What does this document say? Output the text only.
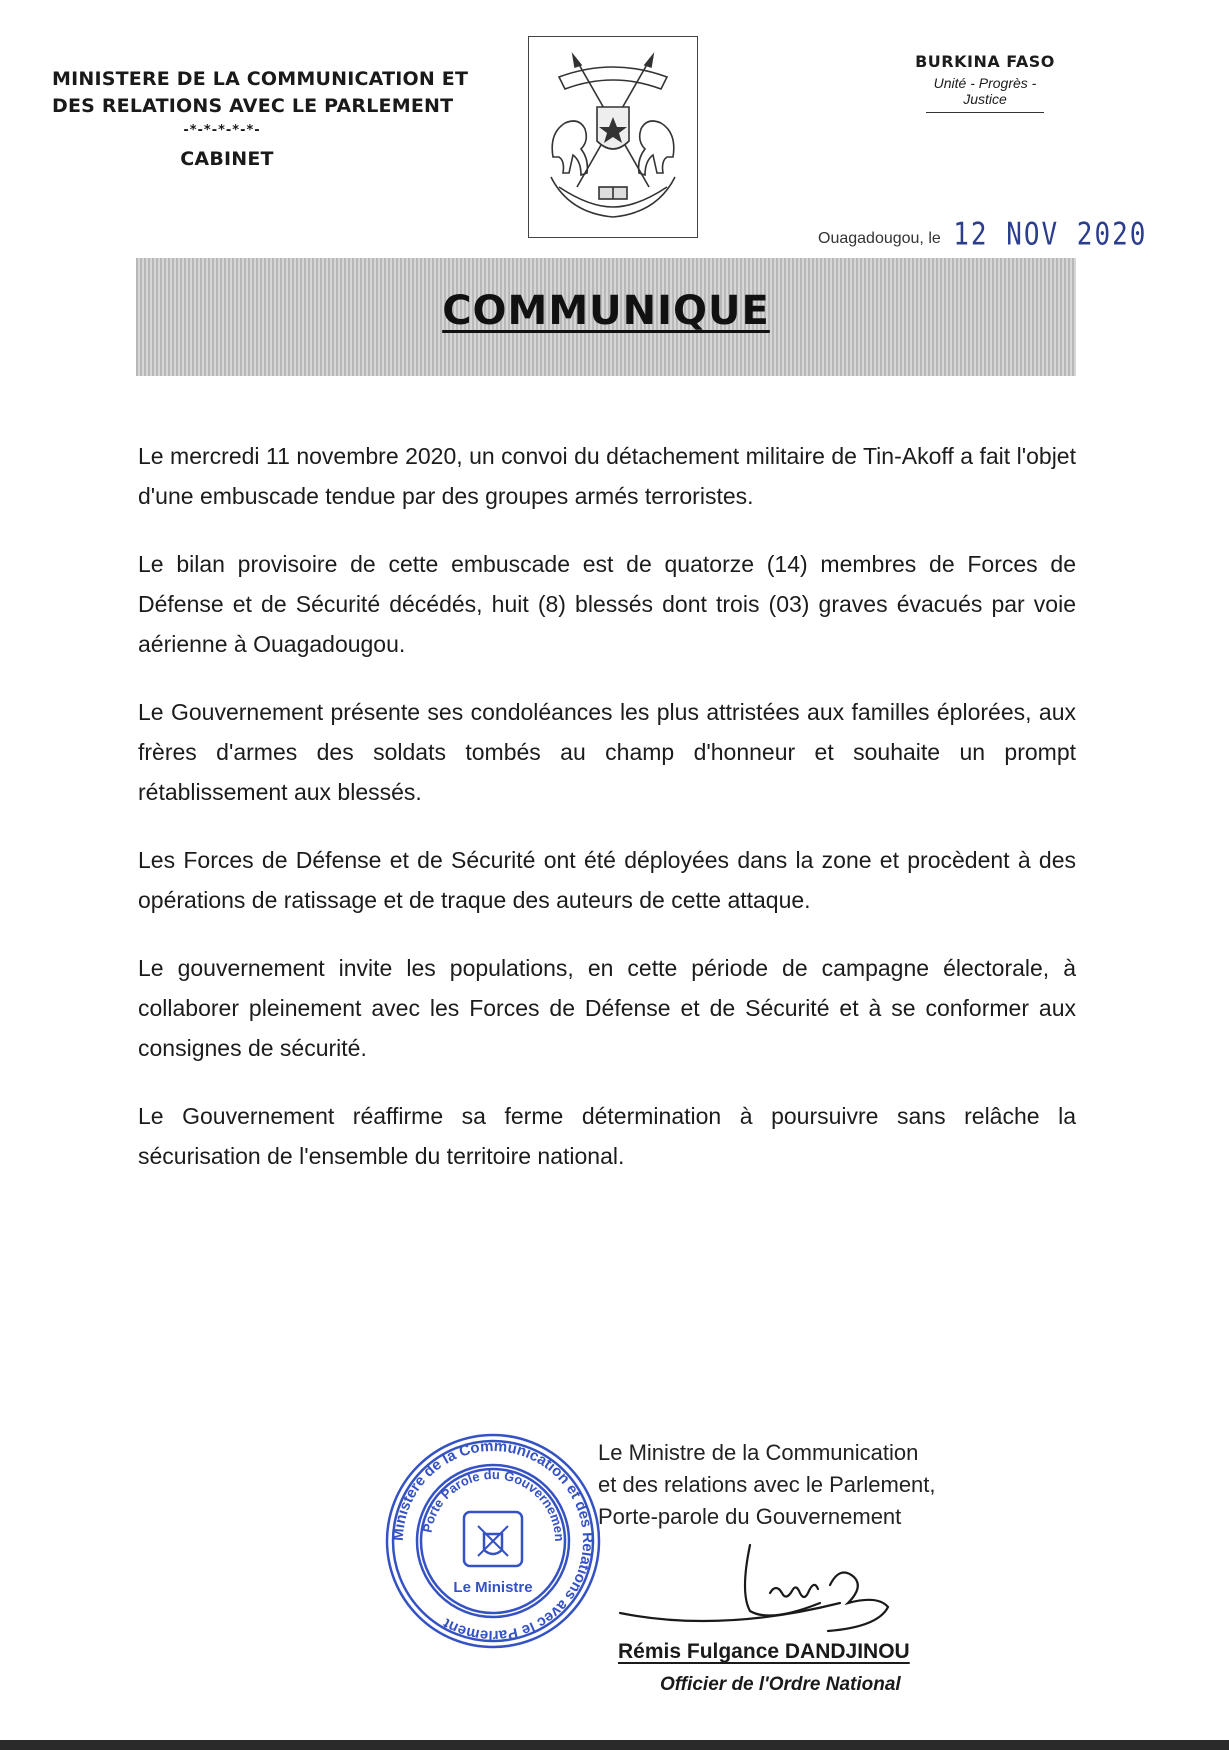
MINISTERE DE LA COMMUNICATION ET
DES RELATIONS AVEC LE PARLEMENT
-*-*-*-*-*-
CABINET
BURKINA FASO
Unité - Progrès - Justice
Ouagadougou, le 12 NOV 2020
COMMUNIQUE

Le mercredi 11 novembre 2020, un convoi du détachement militaire de Tin-Akoff a fait l'objet d'une embuscade tendue par des groupes armés terroristes.

Le bilan provisoire de cette embuscade est de quatorze (14) membres de Forces de Défense et de Sécurité décédés, huit (8) blessés dont trois (03) graves évacués par voie aérienne à Ouagadougou.

Le Gouvernement présente ses condoléances les plus attristées aux familles éplorées, aux frères d'armes des soldats tombés au champ d'honneur et souhaite un prompt rétablissement aux blessés.

Les Forces de Défense et de Sécurité ont été déployées dans la zone et procèdent à des opérations de ratissage et de traque des auteurs de cette attaque.

Le gouvernement invite les populations, en cette période de campagne électorale, à collaborer pleinement avec les Forces de Défense et de Sécurité et à se conformer aux consignes de sécurité.

Le Gouvernement réaffirme sa ferme détermination à poursuivre sans relâche la sécurisation de l'ensemble du territoire national.

Ministère de la Communication et des Relations avec le Parlement
Porte Parole du Gouvernemen
Le Ministre
Le Ministre de la Communication
et des relations avec le Parlement,
Porte-parole du Gouvernement
Rémis Fulgance DANDJINOU
Officier de l'Ordre National
